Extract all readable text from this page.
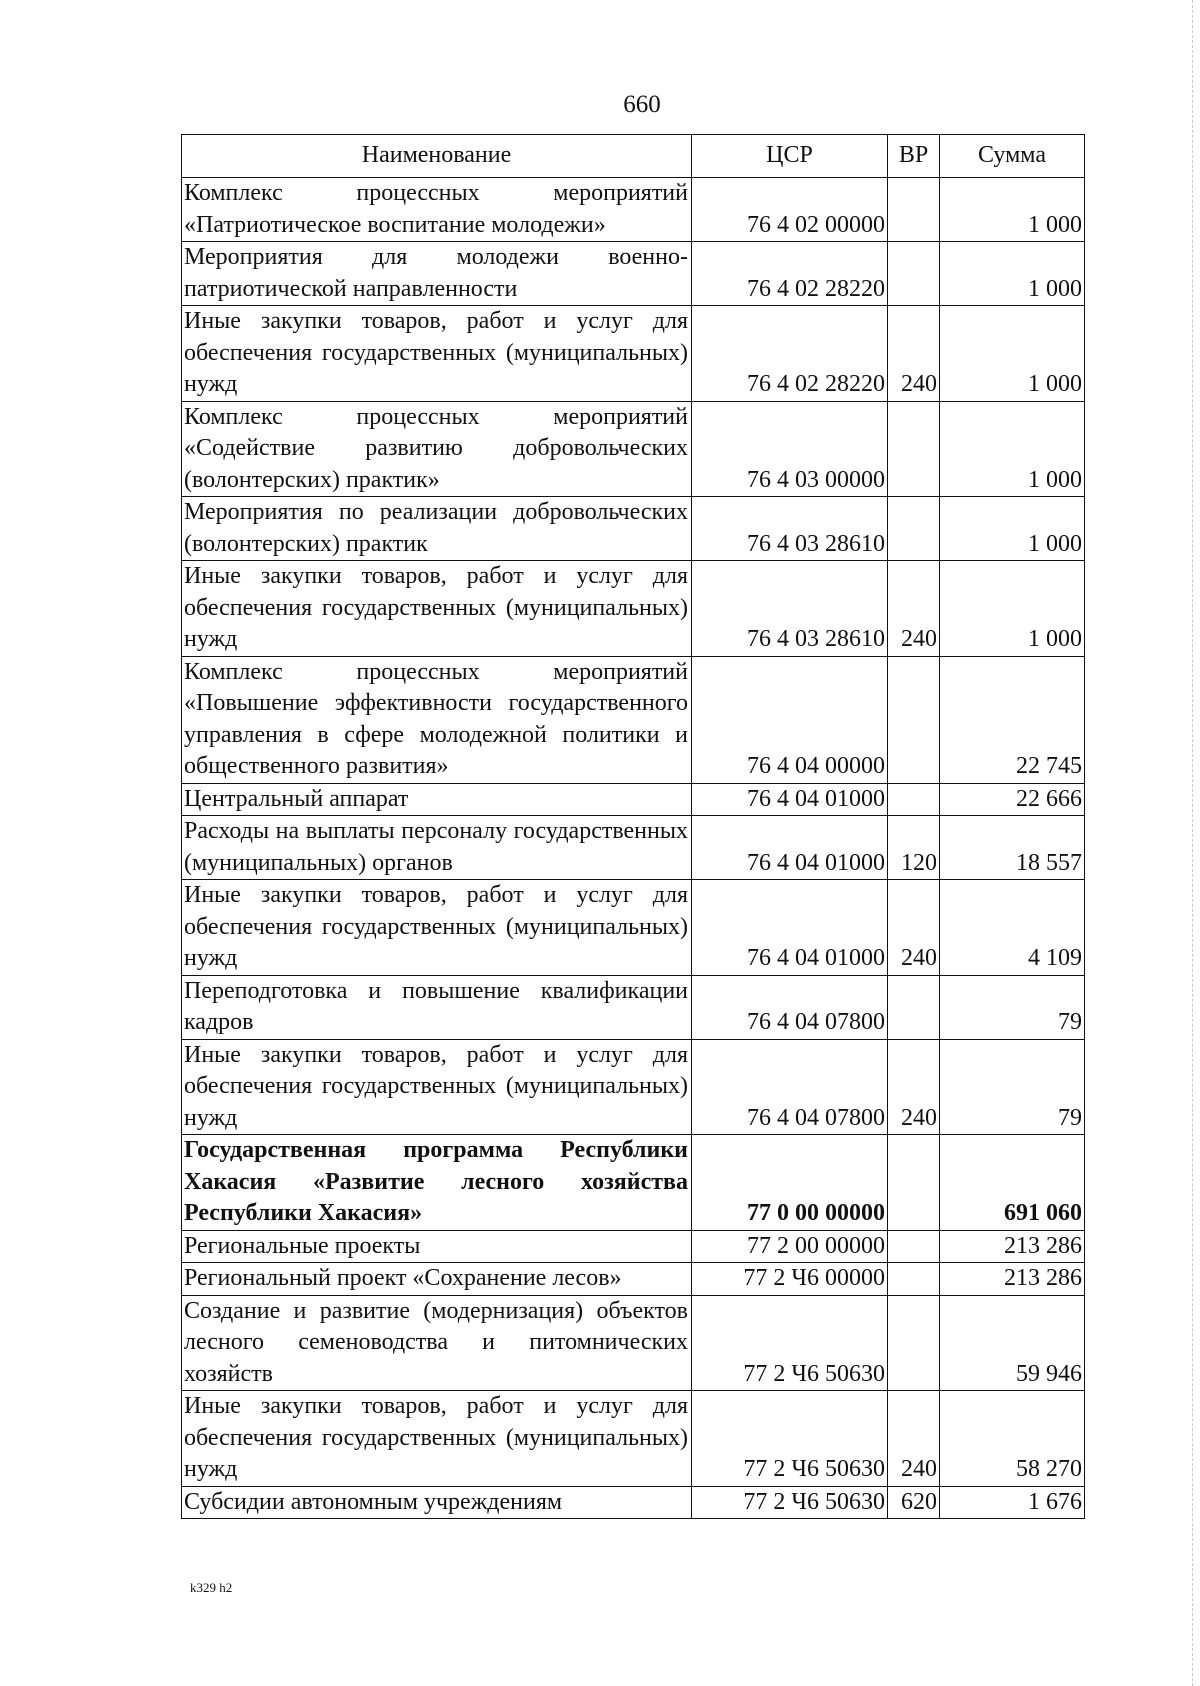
660
Наименование	ЦСР	ВР	Сумма
Комплекс процессных мероприятий «Патриотическое воспитание молодежи»	76 4 02 00000		1 000
Мероприятия для молодежи военно-патриотической направленности	76 4 02 28220		1 000
Иные закупки товаров, работ и услуг для обеспечения государственных (муниципальных) нужд	76 4 02 28220	240	1 000
Комплекс процессных мероприятий «Содействие развитию добровольческих (волонтерских) практик»	76 4 03 00000		1 000
Мероприятия по реализации добровольческих (волонтерских) практик	76 4 03 28610		1 000
Иные закупки товаров, работ и услуг для обеспечения государственных (муниципальных) нужд	76 4 03 28610	240	1 000
Комплекс процессных мероприятий «Повышение эффективности государственного управления в сфере молодежной политики и общественного развития»	76 4 04 00000		22 745
Центральный аппарат	76 4 04 01000		22 666
Расходы на выплаты персоналу государственных (муниципальных) органов	76 4 04 01000	120	18 557
Иные закупки товаров, работ и услуг для обеспечения государственных (муниципальных) нужд	76 4 04 01000	240	4 109
Переподготовка и повышение квалификации кадров	76 4 04 07800		79
Иные закупки товаров, работ и услуг для обеспечения государственных (муниципальных) нужд	76 4 04 07800	240	79
Государственная программа Республики Хакасия «Развитие лесного хозяйства Республики Хакасия»	77 0 00 00000		691 060
Региональные проекты	77 2 00 00000		213 286
Региональный проект «Сохранение лесов»	77 2 Ч6 00000		213 286
Создание и развитие (модернизация) объектов лесного семеноводства и питомнических хозяйств	77 2 Ч6 50630		59 946
Иные закупки товаров, работ и услуг для обеспечения государственных (муниципальных) нужд	77 2 Ч6 50630	240	58 270
Субсидии автономным учреждениям	77 2 Ч6 50630	620	1 676
k329 h2
